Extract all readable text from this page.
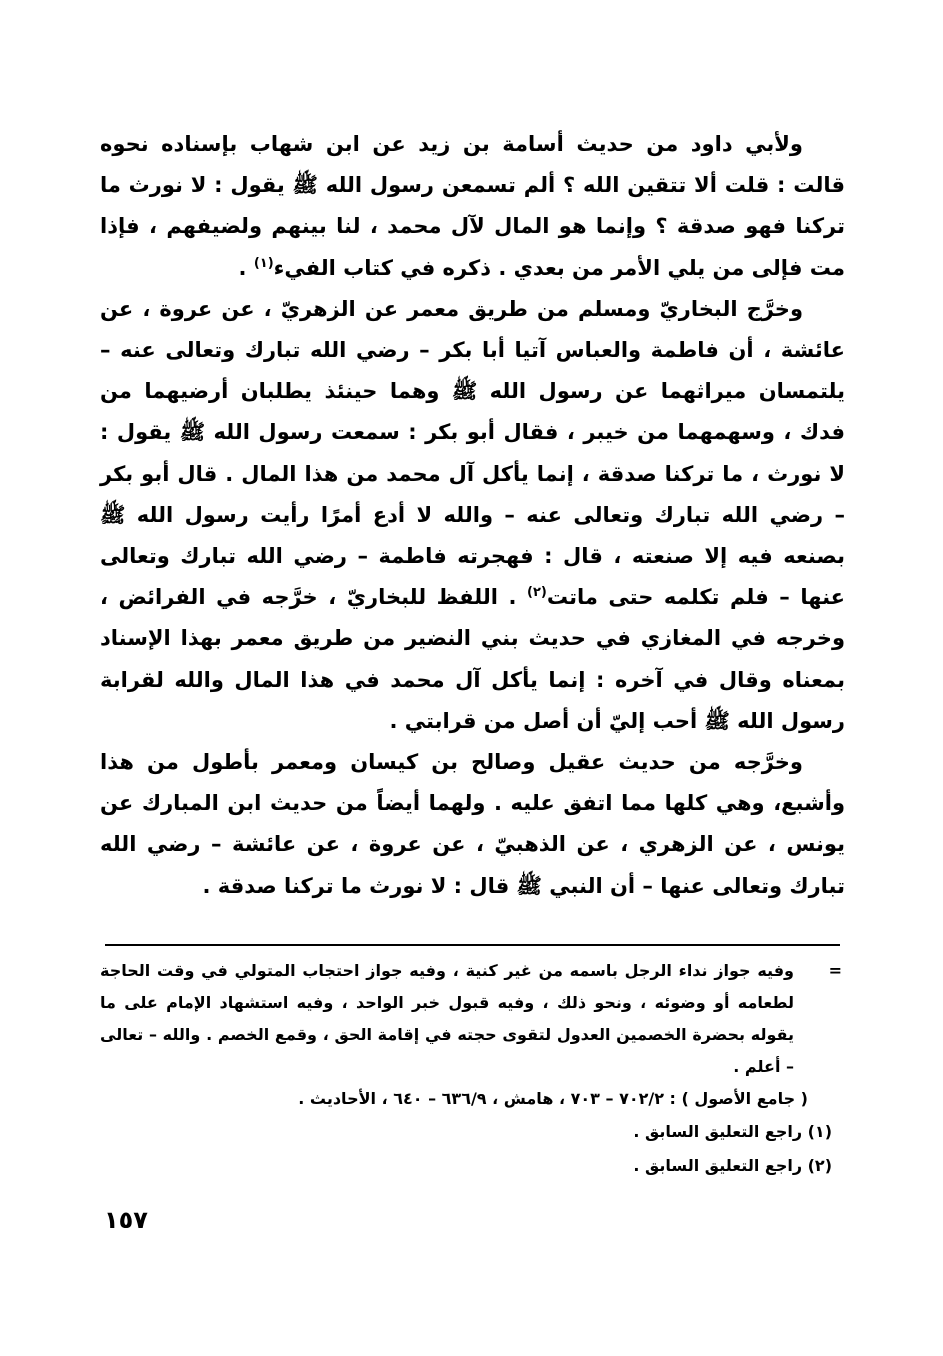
ولأبي داود من حديث أسامة بن زيد عن ابن شهاب بإسناده نحوه قالت : قلت ألا تتقين الله ؟ ألم تسمعن رسول الله ﷺ يقول : لا نورث ما تركنا فهو صدقة ؟ وإنما هو المال لآل محمد ، لنا بينهم ولضيفهم ، فإذا مت فإلى من يلي الأمر من بعدي . ذكره في كتاب الفيء$^{(١)}$ .

وخرَّج البخاريّ ومسلم من طريق معمر عن الزهريّ ، عن عروة ، عن عائشة ، أن فاطمة والعباس آتيا أبا بكر – رضي الله تبارك وتعالى عنه – يلتمسان ميراثهما عن رسول الله ﷺ وهما حينئذ يطلبان أرضيهما من فدك ، وسهمهما من خيبر ، فقال أبو بكر : سمعت رسول الله ﷺ يقول : لا نورث ، ما تركنا صدقة ، إنما يأكل آل محمد من هذا المال . قال أبو بكر – رضي الله تبارك وتعالى عنه – والله لا أدع أمرًا رأيت رسول الله ﷺ بصنعه فيه إلا صنعته ، قال : فهجرته فاطمة – رضي الله تبارك وتعالى عنها – فلم تكلمه حتى ماتت$^{(٢)}$ . اللفظ للبخاريّ ، خرَّجه في الفرائض ، وخرجه في المغازي في حديث بني النضير من طريق معمر بهذا الإسناد بمعناه وقال في آخره : إنما يأكل آل محمد في هذا المال والله لقرابة رسول الله ﷺ أحب إليّ أن أصل من قرابتي .

وخرَّجه من حديث عقيل وصالح بن كيسان ومعمر بأطول من هذا وأشبع، وهي كلها مما اتفق عليه . ولهما أيضاً من حديث ابن المبارك عن يونس ، عن الزهري ، عن الذهبيّ ، عن عروة ، عن عائشة – رضي الله تبارك وتعالى عنها – أن النبي ﷺ قال : لا نورث ما تركنا صدقة .

=
وفيه جواز نداء الرجل باسمه من غير كنية ، وفيه جواز احتجاب المتولي في وقت الحاجة لطعامه أو وضوئه ، ونحو ذلك ، وفيه قبول خبر الواحد ، وفيه استشهاد الإمام على ما يقوله بحضرة الخصمين العدول لتقوى حجته في إقامة الحق ، وقمع الخصم . والله – تعالى – أعلم .
( جامع الأصول ) : ٧٠٢/٢ – ٧٠٣ ، هامش ، ٦٣٦/٩ – ٦٤٠ ، الأحاديث .
(١) راجع التعليق السابق .
(٢) راجع التعليق السابق .
١٥٧
